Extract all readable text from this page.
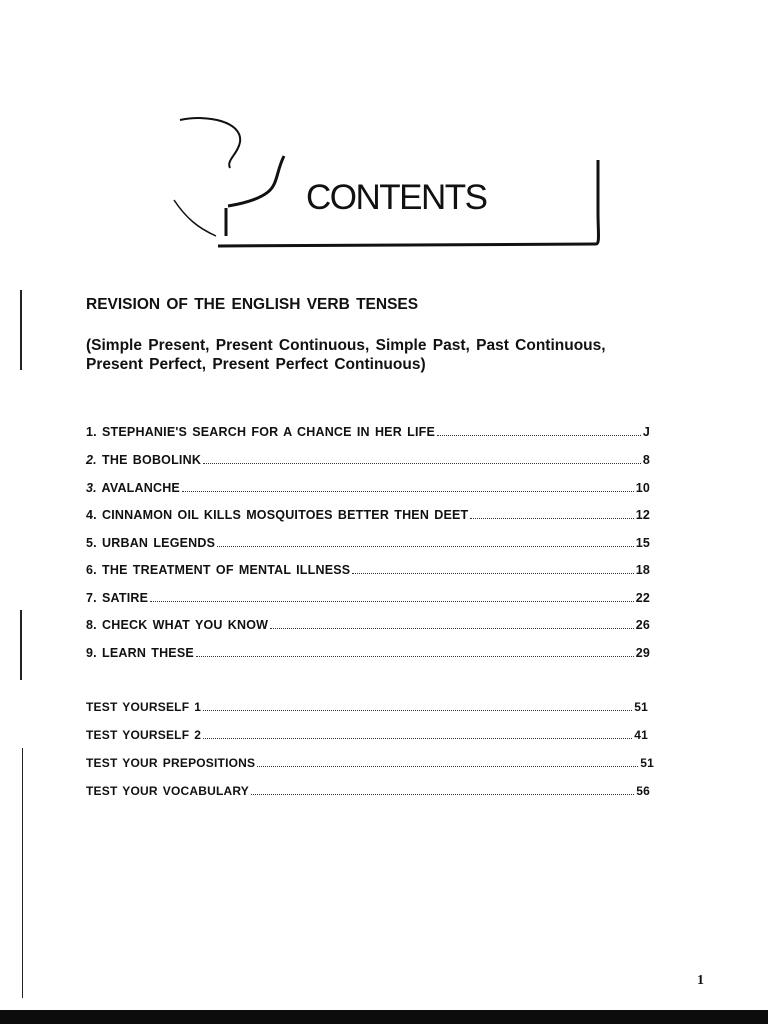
CONTENTS
REVISION OF THE ENGLISH VERB TENSES
(Simple Present, Present Continuous, Simple Past, Past Continuous, Present Perfect, Present Perfect Continuous)
1. STEPHANIE'S SEARCH FOR A CHANCE IN HER LIFE	J
2. THE BOBOLINK	8
3. AVALANCHE	10
4. CINNAMON OIL KILLS MOSQUITOES BETTER THEN DEET	12
5. URBAN LEGENDS	15
6. THE TREATMENT OF MENTAL ILLNESS	18
7. SATIRE	22
8. CHECK WHAT YOU KNOW	26
9. LEARN THESE	29
TEST YOURSELF 1	51
TEST YOURSELF 2	41
TEST YOUR PREPOSITIONS	51
TEST YOUR VOCABULARY	56
1
